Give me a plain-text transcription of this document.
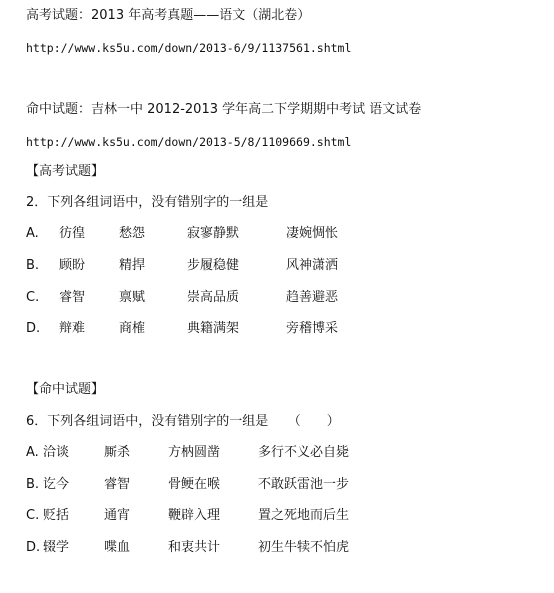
高考试题：2013 年高考真题——语文（湖北卷）
http://www.ks5u.com/down/2013-6/9/1137561.shtml
命中试题：吉林一中 2012-2013 学年高二下学期期中考试 语文试卷
http://www.ks5u.com/down/2013-5/8/1109669.shtml
【高考试题】
2．下列各组词语中，没有错别字的一组是
A. 彷徨	愁怨	寂寥静默	凄婉惆怅
B. 顾盼	精捍	步履稳健	风神潇洒
C. 睿智	禀赋	崇高品质	趋善避恶
D. 辩难	商榷	典籍满架	旁稽博采
【命中试题】
6．下列各组词语中，没有错别字的一组是　　（　　）
A. 洽谈	厮杀	方枘圆凿	多行不义必自毙
B. 讫今	睿智	骨鲠在喉	不敢跃雷池一步
C. 贬括	通宵	鞭辟入理	置之死地而后生
D. 辍学	喋血	和衷共计	初生牛犊不怕虎
